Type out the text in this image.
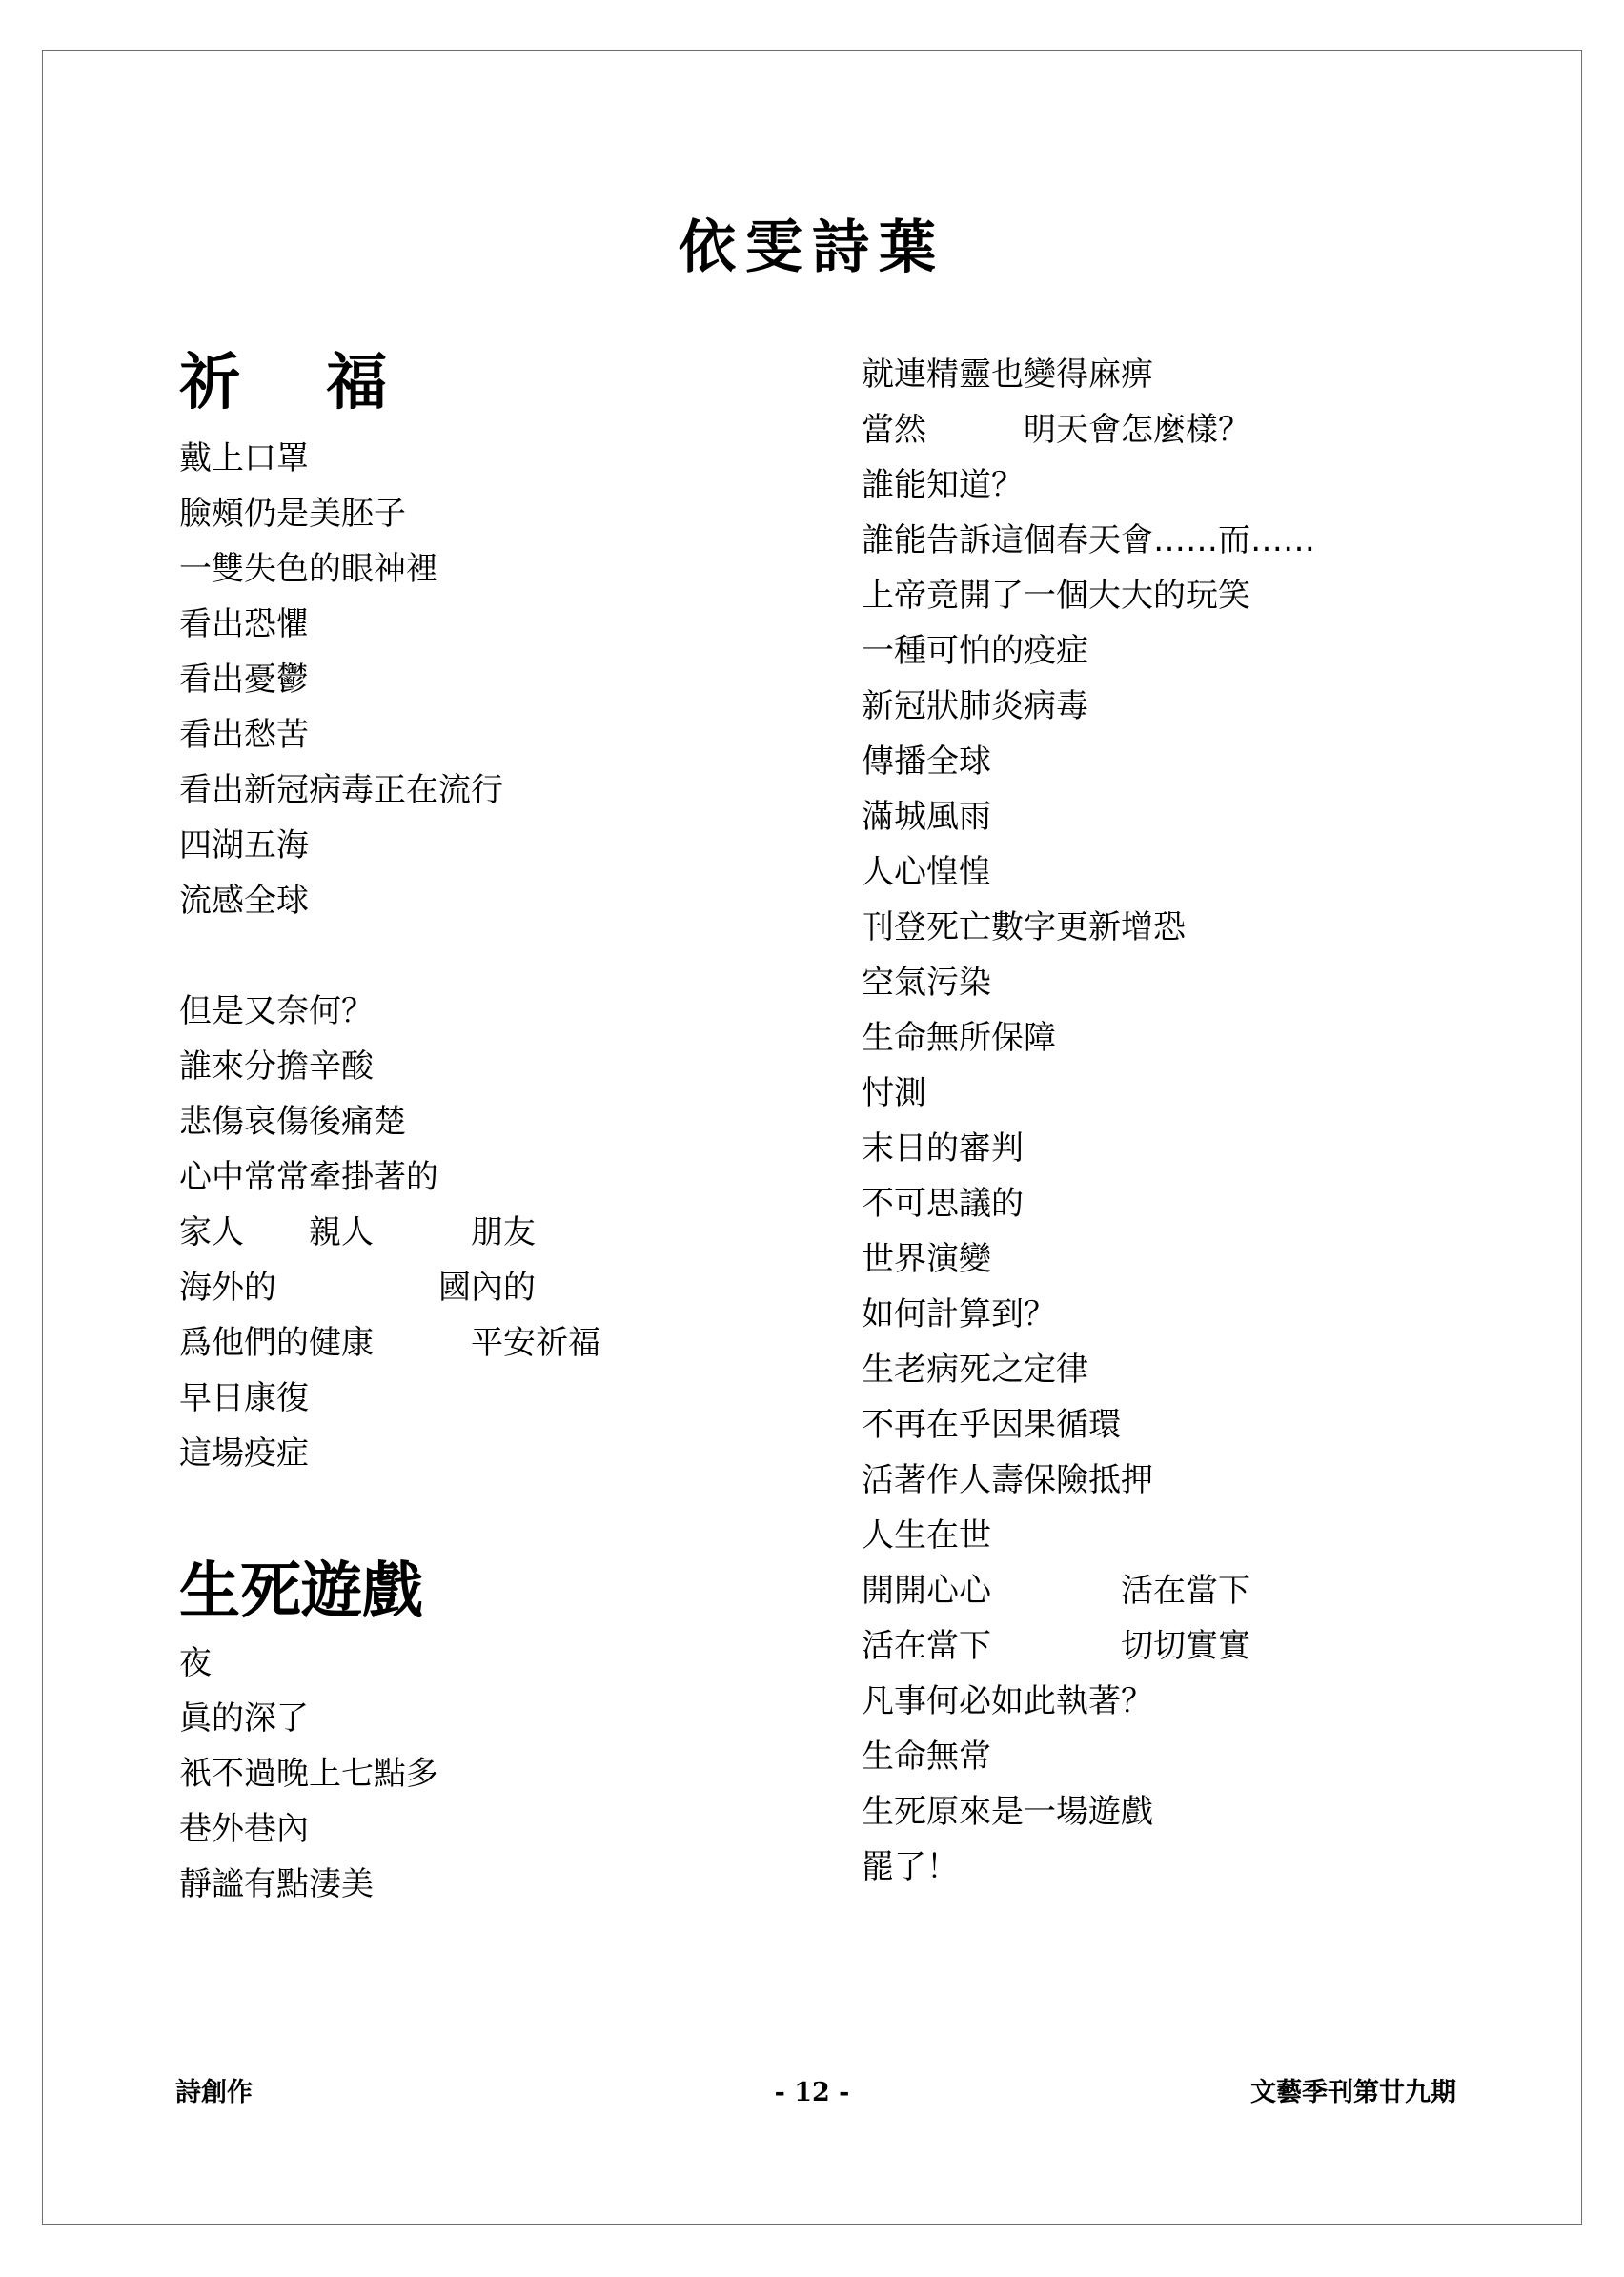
依雯詩葉
祈 福
戴上口罩
臉頰仍是美胚子
一雙失色的眼神裡
看出恐懼
看出憂鬱
看出愁苦
看出新冠病毒正在流行
四湖五海
流感全球
但是又奈何？
誰來分擔辛酸
悲傷哀傷後痛楚
心中常常牽掛著的
家人　　親人　　　朋友
海外的　　　　　國內的
爲他們的健康　　　平安祈福
早日康復
這場疫症
生死遊戲
夜
眞的深了
衹不過晚上七點多
巷外巷內
靜謐有點淒美
就連精靈也變得麻痹
當然　　　明天會怎麼樣？
誰能知道？
誰能告訴這個春天會……而……
上帝竟開了一個大大的玩笑
一種可怕的疫症
新冠狀肺炎病毒
傳播全球
滿城風雨
人心惶惶
刊登死亡數字更新增恐
空氣污染
生命無所保障
忖測
末日的審判
不可思議的
世界演變
如何計算到？
生老病死之定律
不再在乎因果循環
活著作人壽保險抵押
人生在世
開開心心　　　　活在當下
活在當下　　　　切切實實
凡事何必如此執著？
生命無常
生死原來是一場遊戲
罷了！
詩創作	- 12 -	文藝季刊第廿九期
